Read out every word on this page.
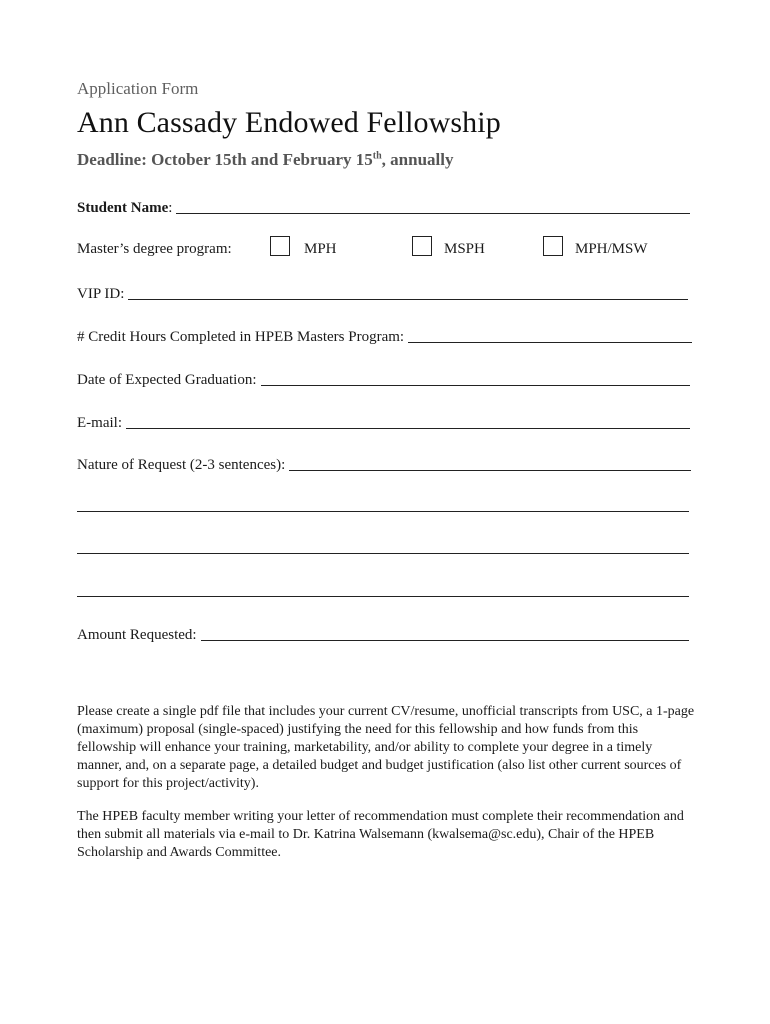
Application Form
Ann Cassady Endowed Fellowship
Deadline: October 15th and February 15th, annually
Student Name:
Master’s degree program:	MPH	MSPH	MPH/MSW
VIP ID:
# Credit Hours Completed in HPEB Masters Program:
Date of Expected Graduation:
E-mail:
Nature of Request (2-3 sentences):
Amount Requested:
Please create a single pdf file that includes your current CV/resume, unofficial transcripts from USC, a 1-page (maximum) proposal (single-spaced) justifying the need for this fellowship and how funds from this fellowship will enhance your training, marketability, and/or ability to complete your degree in a timely manner, and, on a separate page, a detailed budget and budget justification (also list other current sources of support for this project/activity).
The HPEB faculty member writing your letter of recommendation must complete their recommendation and then submit all materials via e-mail to Dr. Katrina Walsemann (kwalsema@sc.edu), Chair of the HPEB Scholarship and Awards Committee.
